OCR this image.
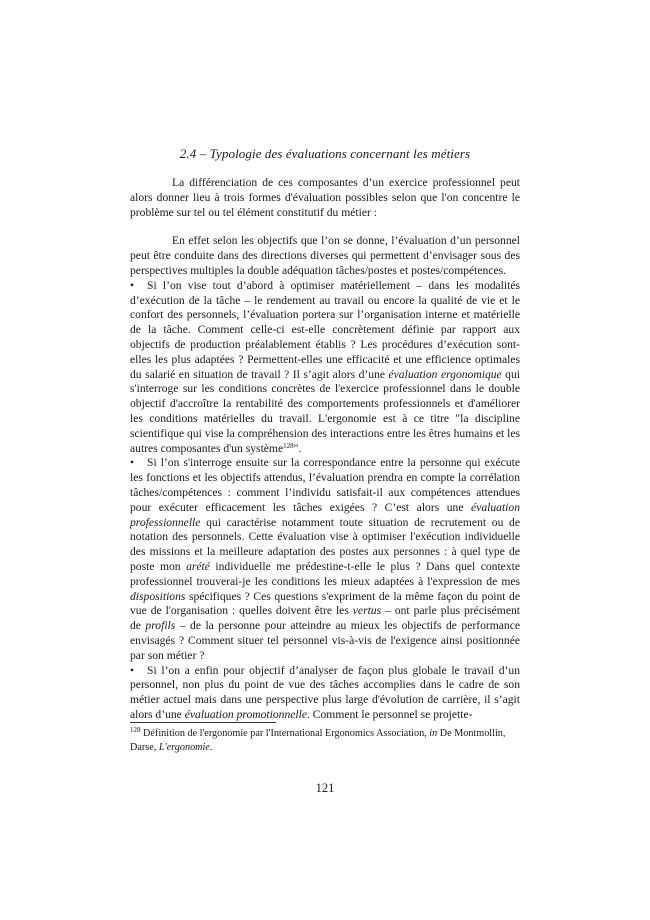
2.4 – Typologie des évaluations concernant les métiers

La différenciation de ces composantes d’un exercice professionnel peut alors donner lieu à trois formes d'évaluation possibles selon que l'on concentre le problème sur tel ou tel élément constitutif du métier :

En effet selon les objectifs que l’on se donne, l’évaluation d’un personnel peut être conduite dans des directions diverses qui permettent d’envisager sous des perspectives multiples la double adéquation tâches/postes et postes/compétences.

• Si l’on vise tout d’abord à optimiser matériellement – dans les modalités d’exécution de la tâche – le rendement au travail ou encore la qualité de vie et le confort des personnels, l’évaluation portera sur l’organisation interne et matérielle de la tâche. Comment celle-ci est-elle concrètement définie par rapport aux objectifs de production préalablement établis ? Les procédures d’exécution sont-elles les plus adaptées ? Permettent-elles une efficacité et une efficience optimales du salarié en situation de travail ? Il s’agit alors d’une évaluation ergonomique qui s'interroge sur les conditions concrètes de l'exercice professionnel dans le double objectif d'accroître la rentabilité des comportements professionnels et d'améliorer les conditions matérielles du travail. L'ergonomie est à ce titre "la discipline scientifique qui vise la compréhension des interactions entre les êtres humains et les autres composantes d'un système$^{128}$".

• Si l’on s'interroge ensuite sur la correspondance entre la personne qui exécute les fonctions et les objectifs attendus, l’évaluation prendra en compte la corrélation tâches/compétences : comment l’individu satisfait-il aux compétences attendues pour exécuter efficacement les tâches exigées ? C’est alors une évaluation professionnelle qui caractérise notamment toute situation de recrutement ou de notation des personnels. Cette évaluation vise à optimiser l'exécution individuelle des missions et la meilleure adaptation des postes aux personnes : à quel type de poste mon arété individuelle me prédestine-t-elle le plus ? Dans quel contexte professionnel trouverai-je les conditions les mieux adaptées à l'expression de mes dispositions spécifiques ? Ces questions s'expriment de la même façon du point de vue de l'organisation : quelles doivent être les vertus – ont parle plus précisément de profils – de la personne pour atteindre au mieux les objectifs de performance envisagés ? Comment situer tel personnel vis-à-vis de l'exigence ainsi positionnée par son métier ?

• Si l’on a enfin pour objectif d’analyser de façon plus globale le travail d’un personnel, non plus du point de vue des tâches accomplies dans le cadre de son métier actuel mais dans une perspective plus large d'évolution de carrière, il s’agit alors d’une évaluation promotionnelle. Comment le personnel se projette-

$^{128}$ Définition de l'ergonomie par l'International Ergonomics Association, in De Montmollin, Darse, L'ergonomie.
121
